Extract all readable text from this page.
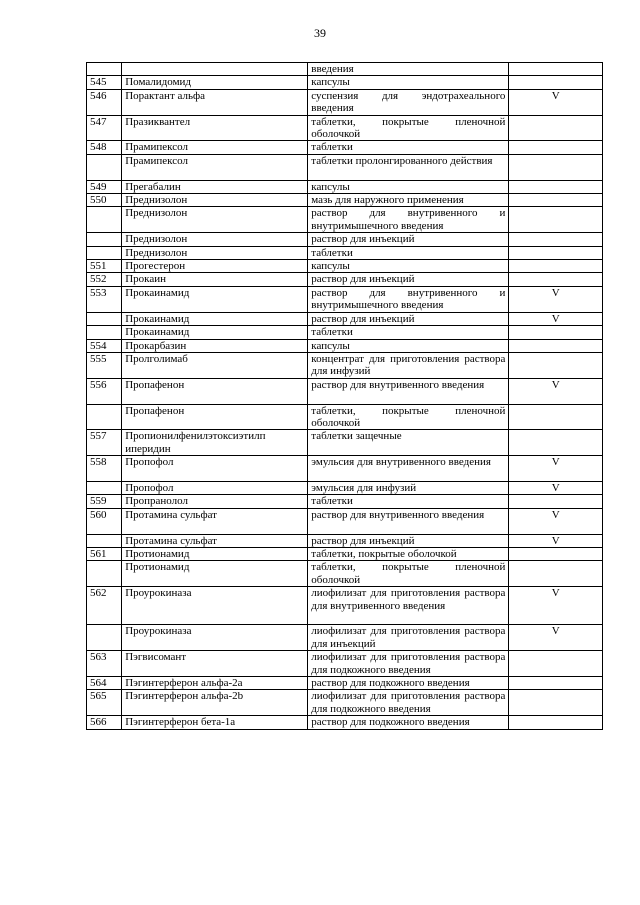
39
		введения	
545	Помалидомид	капсулы	
546	Порактант альфа	суспензия для эндотрахеального введения	V
547	Празиквантел	таблетки, покрытые пленочной оболочкой	
548	Прамипексол	таблетки	
	Прамипексол	таблетки пролонгированного действия	
549	Прегабалин	капсулы	
550	Преднизолон	мазь для наружного применения	
	Преднизолон	раствор для внутривенного и внутримышечного введения	
	Преднизолон	раствор для инъекций	
	Преднизолон	таблетки	
551	Прогестерон	капсулы	
552	Прокаин	раствор для инъекций	
553	Прокаинамид	раствор для внутривенного и внутримышечного введения	V
	Прокаинамид	раствор для инъекций	V
	Прокаинамид	таблетки	
554	Прокарбазин	капсулы	
555	Пролголимаб	концентрат для приготовления раствора для инфузий	
556	Пропафенон	раствор для внутривенного введения	V
	Пропафенон	таблетки, покрытые пленочной оболочкой	
557	Пропионилфенилэтоксиэтилп иперидин	таблетки защечные	
558	Пропофол	эмульсия для внутривенного введения	V
	Пропофол	эмульсия для инфузий	V
559	Пропранолол	таблетки	
560	Протамина сульфат	раствор для внутривенного введения	V
	Протамина сульфат	раствор для инъекций	V
561	Протионамид	таблетки, покрытые оболочкой	
	Протионамид	таблетки, покрытые пленочной оболочкой	
562	Проурокиназа	лиофилизат для приготовления раствора для внутривенного введения	V
	Проурокиназа	лиофилизат для приготовления раствора для инъекций	V
563	Пэгвисомант	лиофилизат для приготовления раствора для подкожного введения	
564	Пэгинтерферон альфа-2a	раствор для подкожного введения	
565	Пэгинтерферон альфа-2b	лиофилизат для приготовления раствора для подкожного введения	
566	Пэгинтерферон бета-1a	раствор для подкожного введения	
